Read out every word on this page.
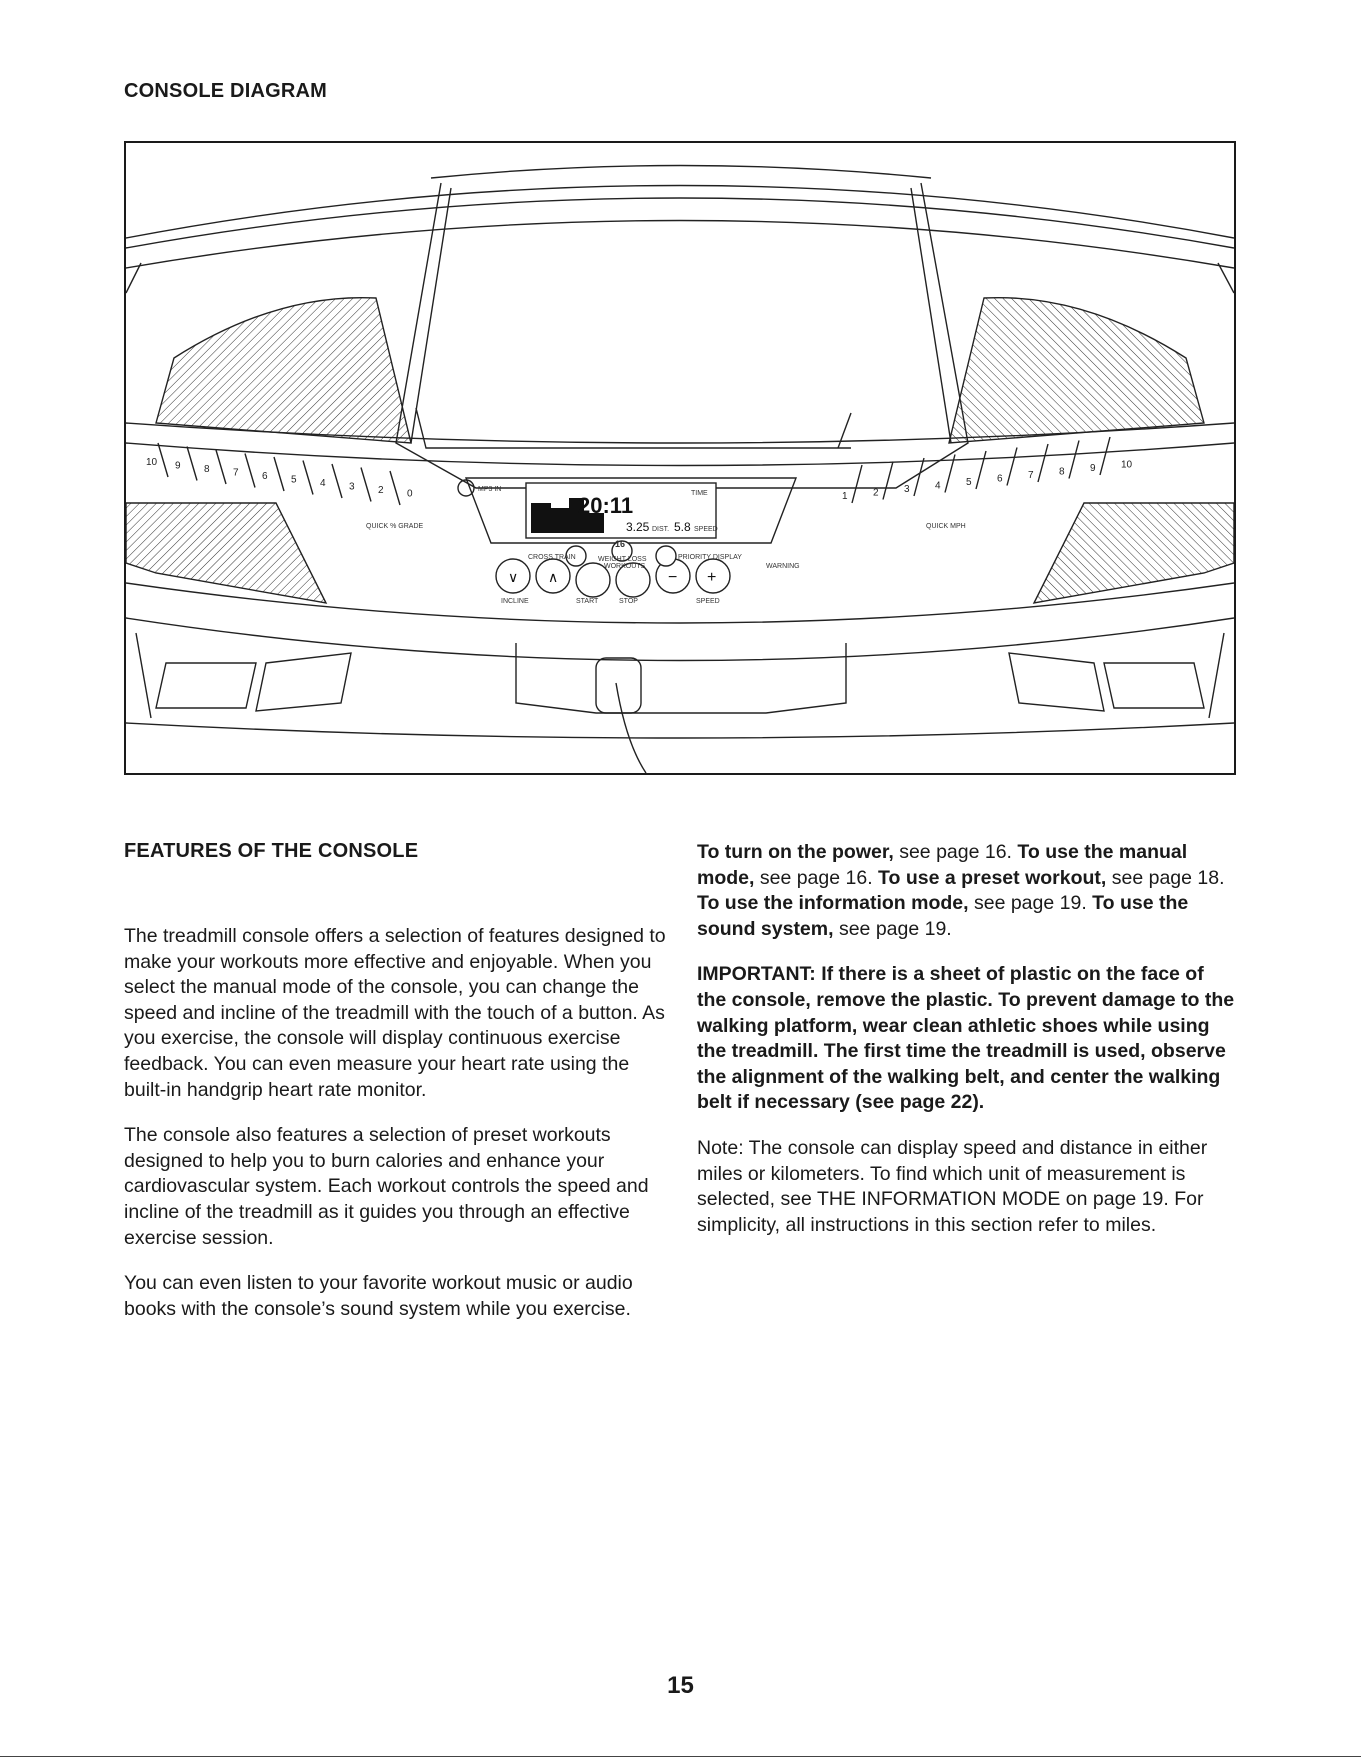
CONSOLE DIAGRAM
∨ ∧	− +
10 9 8 7 6 5 4 3 2 0	1	2	3	4	5	6	7	8	9	10
QUICK % GRADE	QUICK MPH
MP3 IN
20:11	TIME
3.25 DIST. 5.8 SPEED
CROSS TRAIN
16
WEIGHT LOSS
WORKOUTS
PRIORITY DISPLAY
START	STOP
INCLINE	SPEED
WARNING
FEATURES OF THE CONSOLE

The treadmill console offers a selection of features designed to make your workouts more effective and enjoyable. When you select the manual mode of the console, you can change the speed and incline of the treadmill with the touch of a button. As you exercise, the console will display continuous exercise feedback. You can even measure your heart rate using the built-in handgrip heart rate monitor.

The console also features a selection of preset workouts designed to help you to burn calories and enhance your cardiovascular system. Each workout controls the speed and incline of the treadmill as it guides you through an effective exercise session.

You can even listen to your favorite workout music or audio books with the console’s sound system while you exercise.

To turn on the power, see page 16. To use the manual mode, see page 16. To use a preset workout, see page 18. To use the information mode, see page 19. To use the sound system, see page 19.

IMPORTANT: If there is a sheet of plastic on the face of the console, remove the plastic. To prevent damage to the walking platform, wear clean athletic shoes while using the treadmill. The first time the treadmill is used, observe the alignment of the walking belt, and center the walking belt if necessary (see page 22).

Note: The console can display speed and distance in either miles or kilometers. To find which unit of measurement is selected, see THE INFORMATION MODE on page 19. For simplicity, all instructions in this section refer to miles.

15
